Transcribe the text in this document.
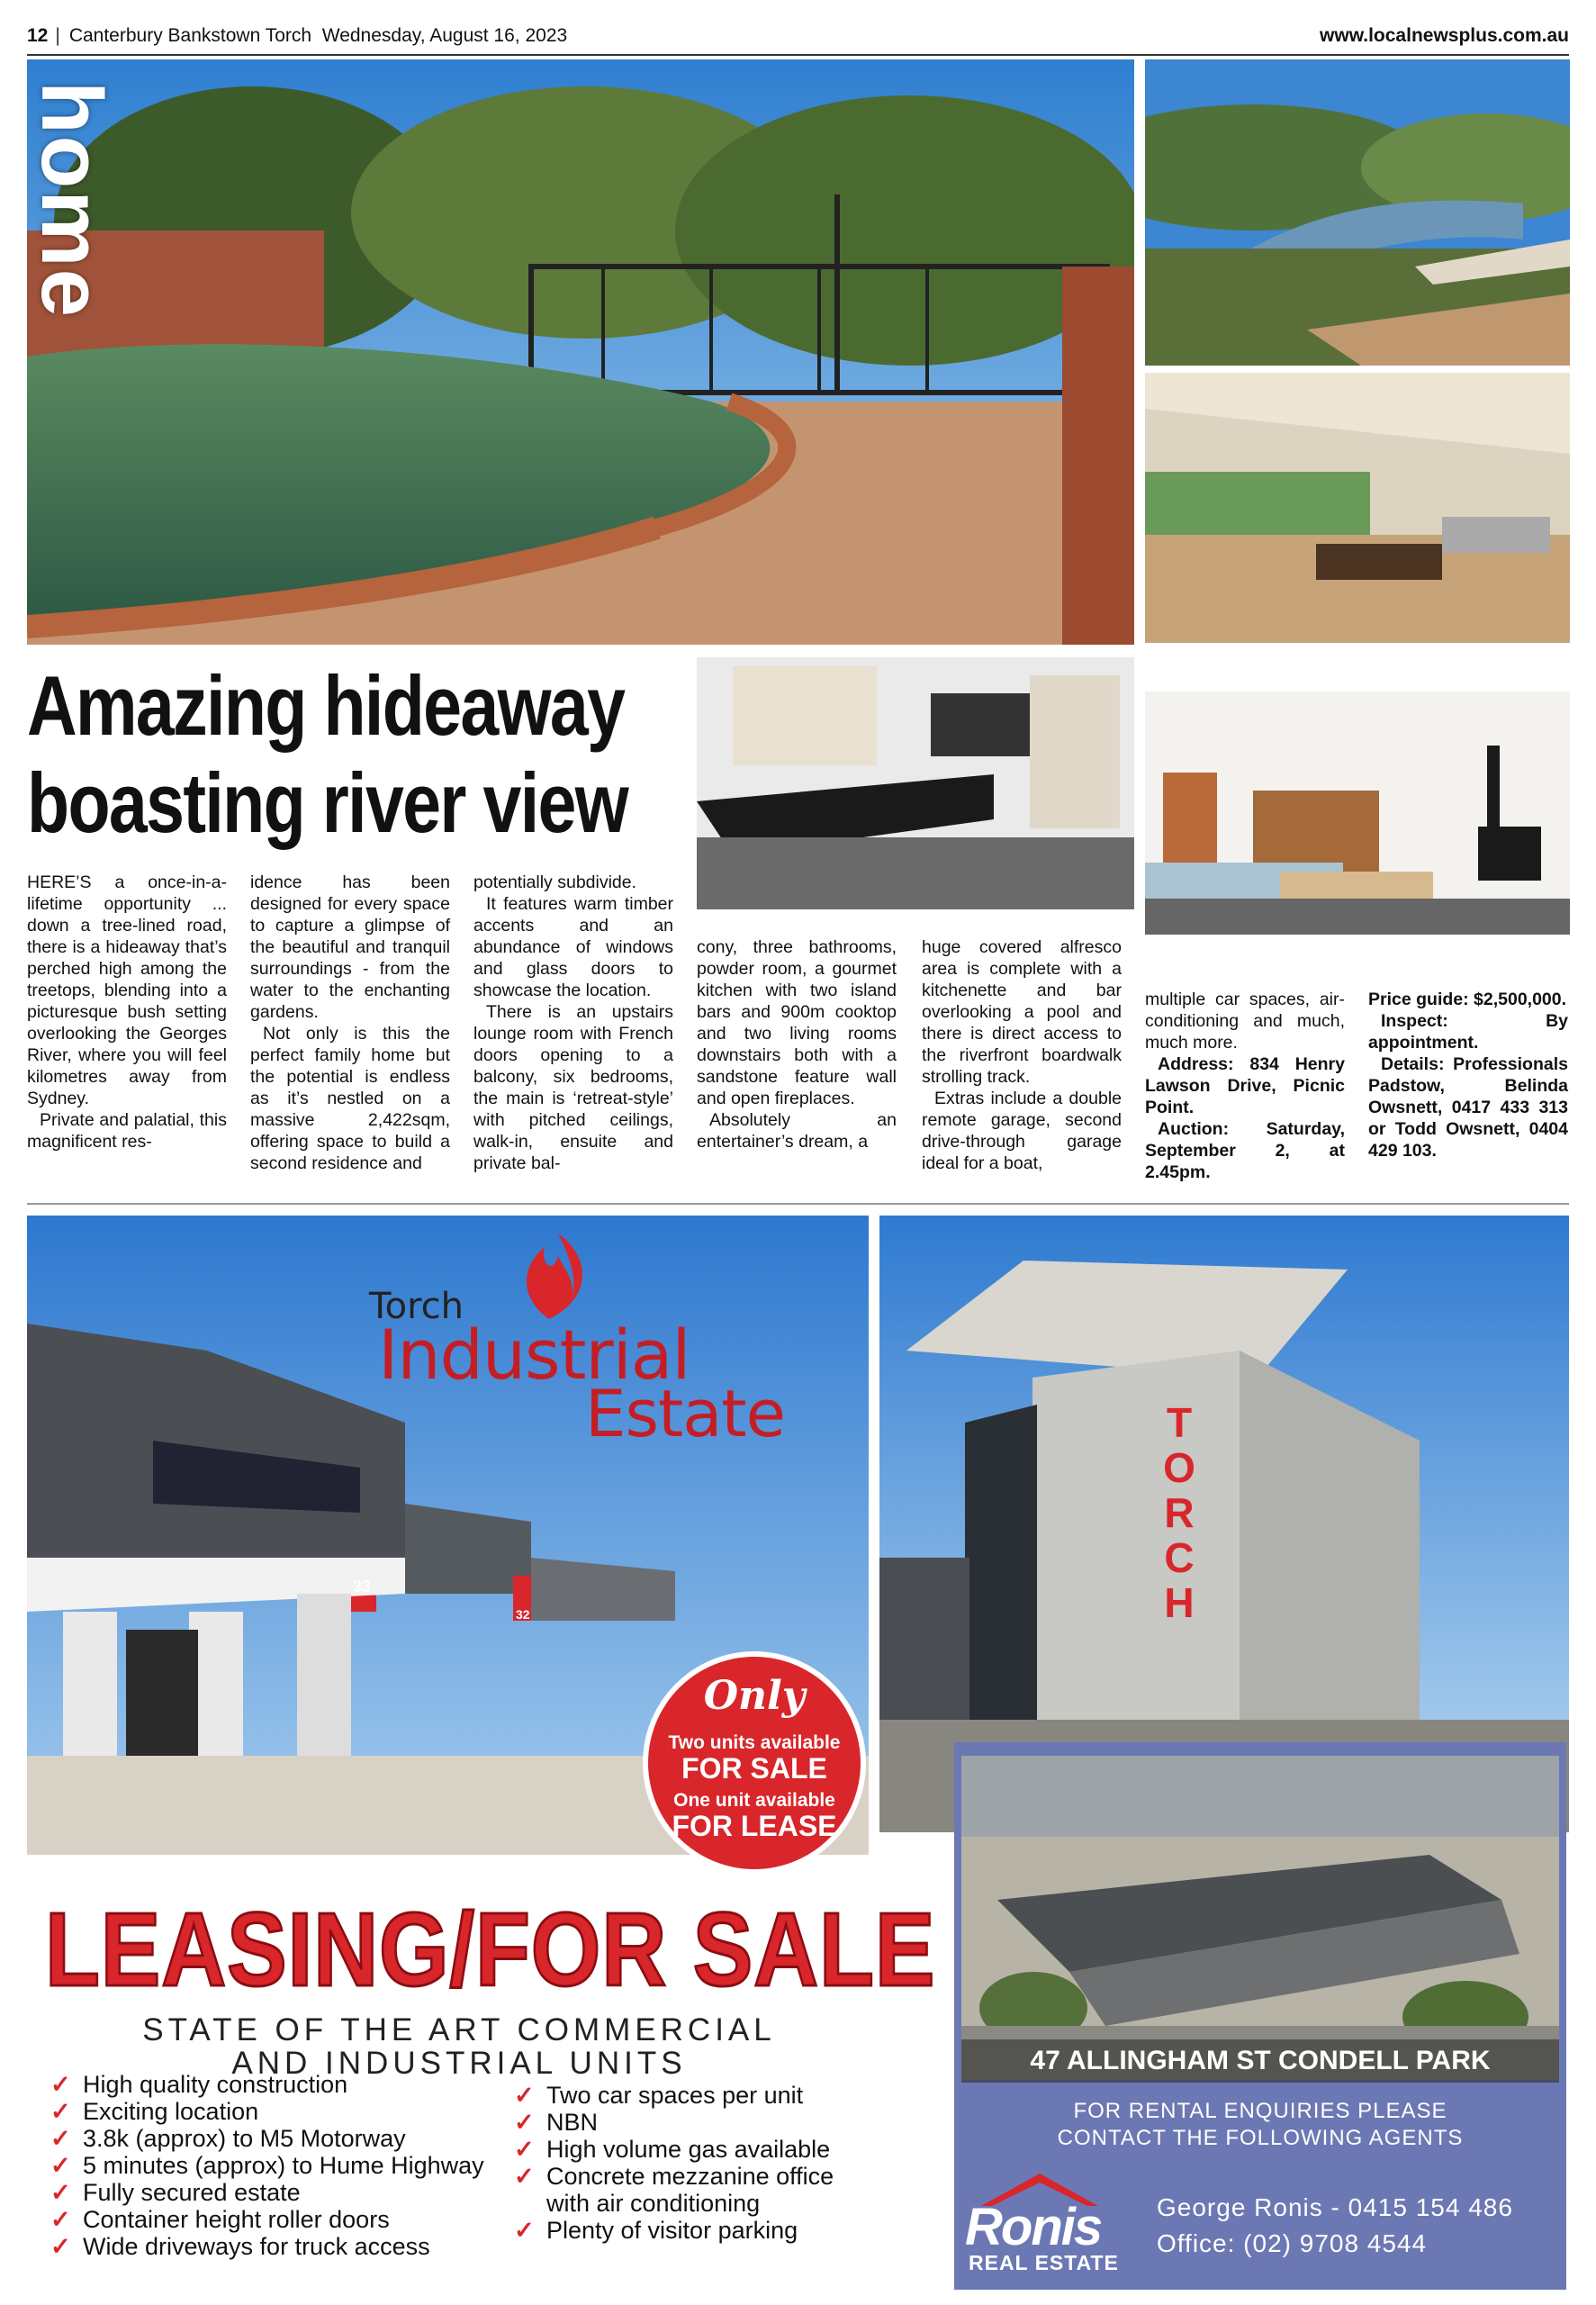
12 | Canterbury Bankstown Torch Wednesday, August 16, 2023	www.localnewsplus.com.au
home
Amazing hideaway
boasting river view

HERE’S a once-in-a-lifetime opportunity ... down a tree-lined road, there is a hideaway that’s perched high among the treetops, blending into a picturesque bush setting overlooking the Georges River, where you will feel kilometres away from Sydney.

Private and palatial, this magnificent res-

idence has been designed for every space to capture a glimpse of the beautiful and tranquil surroundings - from the water to the enchanting gardens.

Not only is this the perfect family home but the potential is endless as it’s nestled on a massive 2,422sqm, offering space to build a second residence and

potentially subdivide.

It features warm timber accents and an abundance of windows and glass doors to showcase the location.

There is an upstairs lounge room with French doors opening to a balcony, six bedrooms, the main is ‘retreat-style’ with pitched ceilings, walk-in, ensuite and private bal-

cony, three bathrooms, powder room, a gourmet kitchen with two island bars and 900m cooktop and two living rooms downstairs both with a sandstone feature wall and open fireplaces.

Absolutely an entertainer’s dream, a

huge covered alfresco area is complete with a kitchenette and bar overlooking a pool and there is direct access to the riverfront boardwalk strolling track.

Extras include a double remote garage, second drive-through garage ideal for a boat,

multiple car spaces, air-conditioning and much, much more.

Address: 834 Henry Lawson Drive, Picnic Point.

Auction: Saturday, September 2, at 2.45pm.

Price guide: $2,500,000.

Inspect: By appointment.

Details: Professionals Padstow, Belinda Owsnett, 0417 433 313 or Todd Owsnett, 0404 429 103.

Torch
Industrial
Estate
33
32
TORCH
Only
Two units available
FOR SALE
One unit available
FOR LEASE
47 ALLINGHAM ST CONDELL PARK
FOR RENTAL ENQUIRIES PLEASE
CONTACT THE FOLLOWING AGENTS
Ronis
REAL ESTATE
George Ronis - 0415 154 486
Office: (02) 9708 4544
LEASING/FOR SALE
STATE OF THE ART COMMERCIAL
AND INDUSTRIAL UNITS
✓ High quality construction
✓ Exciting location
✓ 3.8k (approx) to M5 Motorway
✓ 5 minutes (approx) to Hume Highway
✓ Fully secured estate
✓ Container height roller doors
✓ Wide driveways for truck access
✓ Two car spaces per unit
✓ NBN
✓ High volume gas available
✓ Concrete mezzanine office
with air conditioning
✓ Plenty of visitor parking
